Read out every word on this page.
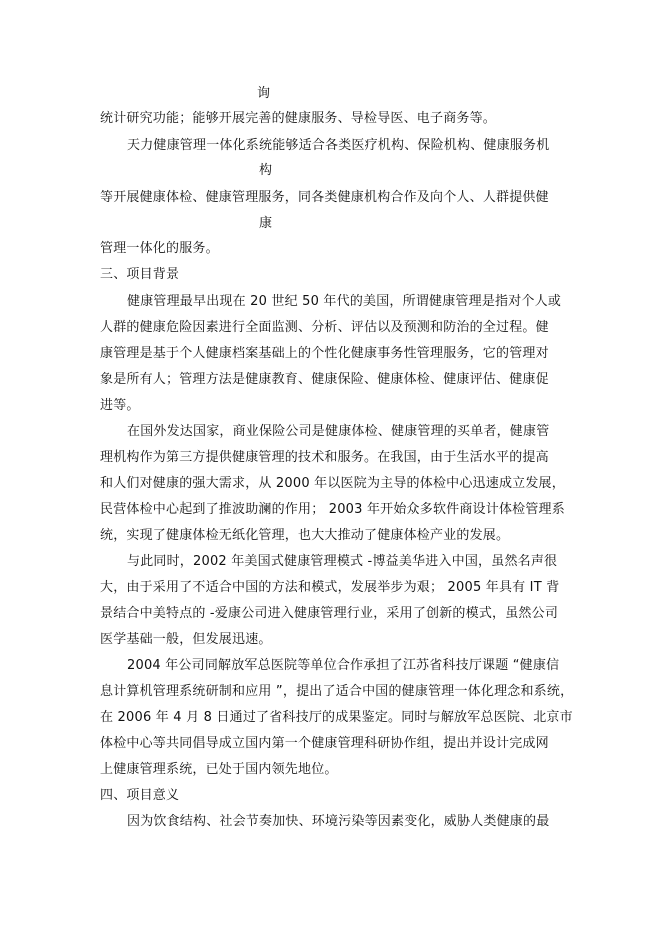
询
统计研究功能；能够开展完善的健康服务、导检导医、电子商务等。
天力健康管理一体化系统能够适合各类医疗机构、保险机构、健康服务机
构
等开展健康体检、健康管理服务，同各类健康机构合作及向个人、人群提供健
康
管理一体化的服务。
三、项目背景
健康管理最早出现在 20 世纪 50 年代的美国，所谓健康管理是指对个人或
人群的健康危险因素进行全面监测、分析、评估以及预测和防治的全过程。健
康管理是基于个人健康档案基础上的个性化健康事务性管理服务，它的管理对
象是所有人；管理方法是健康教育、健康保险、健康体检、健康评估、健康促
进等。
在国外发达国家，商业保险公司是健康体检、健康管理的买单者，健康管
理机构作为第三方提供健康管理的技术和服务。在我国，由于生活水平的提高
和人们对健康的强大需求，从 2000 年以医院为主导的体检中心迅速成立发展，
民营体检中心起到了推波助澜的作用； 2003 年开始众多软件商设计体检管理系
统，实现了健康体检无纸化管理，也大大推动了健康体检产业的发展。
与此同时，2002 年美国式健康管理模式 -博益美华进入中国，虽然名声很
大，由于采用了不适合中国的方法和模式，发展举步为艰； 2005 年具有 IT 背
景结合中美特点的 -爱康公司进入健康管理行业，采用了创新的模式，虽然公司
医学基础一般，但发展迅速。
2004 年公司同解放军总医院等单位合作承担了江苏省科技厅课题 “健康信
息计算机管理系统研制和应用 ”，提出了适合中国的健康管理一体化理念和系统，
在 2006 年 4 月 8 日通过了省科技厅的成果鉴定。同时与解放军总医院、北京市
体检中心等共同倡导成立国内第一个健康管理科研协作组，提出并设计完成网
上健康管理系统，已处于国内领先地位。
四、项目意义
因为饮食结构、社会节奏加快、环境污染等因素变化，威胁人类健康的最
